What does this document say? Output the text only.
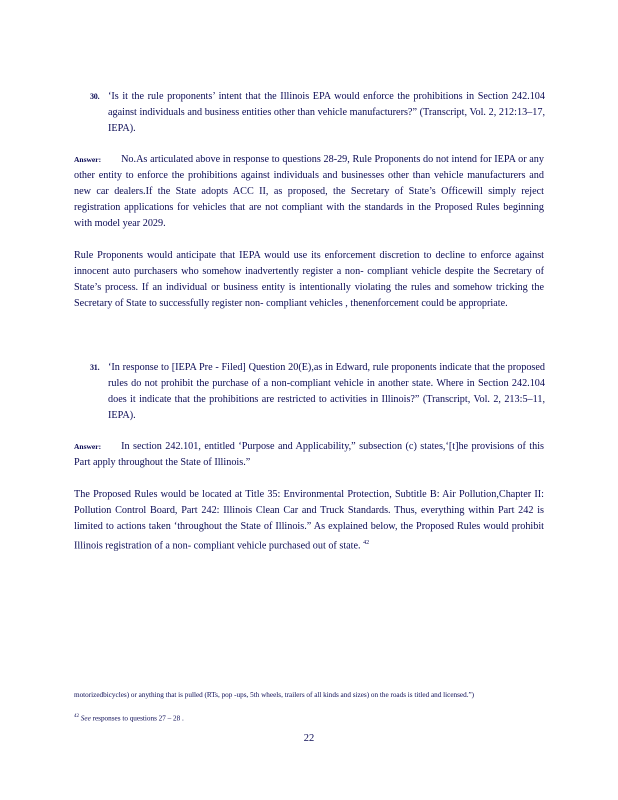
30. ‘Is it the rule proponents’ intent that the Illinois EPA would enforce the prohibitions in Section 242.104 against individuals and business entities other than vehicle manufacturers?” (Transcript, Vol. 2, 212:13–17, IEPA).
Answer: No.As articulated above in response to questions 28-29, Rule Proponents do not intend for IEPA or any other entity to enforce the prohibitions against individuals and businesses other than vehicle manufacturers and new car dealers.If the State adopts ACC II, as proposed, the Secretary of State’s Officewill simply reject registration applications for vehicles that are not compliant with the standards in the Proposed Rules beginning with model year 2029.
Rule Proponents would anticipate that IEPA would use its enforcement discretion to decline to enforce against innocent auto purchasers who somehow inadvertently register a non- compliant vehicle despite the Secretary of State’s process. If an individual or business entity is intentionally violating the rules and somehow tricking the Secretary of State to successfully register non- compliant vehicles , thenenforcement could be appropriate.
31. ‘In response to [IEPA Pre - Filed] Question 20(E),as in Edward, rule proponents indicate that the proposed rules do not prohibit the purchase of a non-compliant vehicle in another state. Where in Section 242.104 does it indicate that the prohibitions are restricted to activities in Illinois?” (Transcript, Vol. 2, 213:5–11, IEPA).
Answer: In section 242.101, entitled ‘Purpose and Applicability,” subsection (c) states,‘[t]he provisions of this Part apply throughout the State of Illinois.”
The Proposed Rules would be located at Title 35: Environmental Protection, Subtitle B: Air Pollution,Chapter II: Pollution Control Board, Part 242: Illinois Clean Car and Truck Standards. Thus, everything within Part 242 is limited to actions taken ‘throughout the State of Illinois.” As explained below, the Proposed Rules would prohibit Illinois registration of a non- compliant vehicle purchased out of state. $^{42}$
motorizedbicycles) or anything that is pulled (RTs, pop -ups, 5th wheels, trailers of all kinds and sizes) on the roads is titled and licensed.”)
$^{42}$ See responses to questions 27 – 28 .
22
